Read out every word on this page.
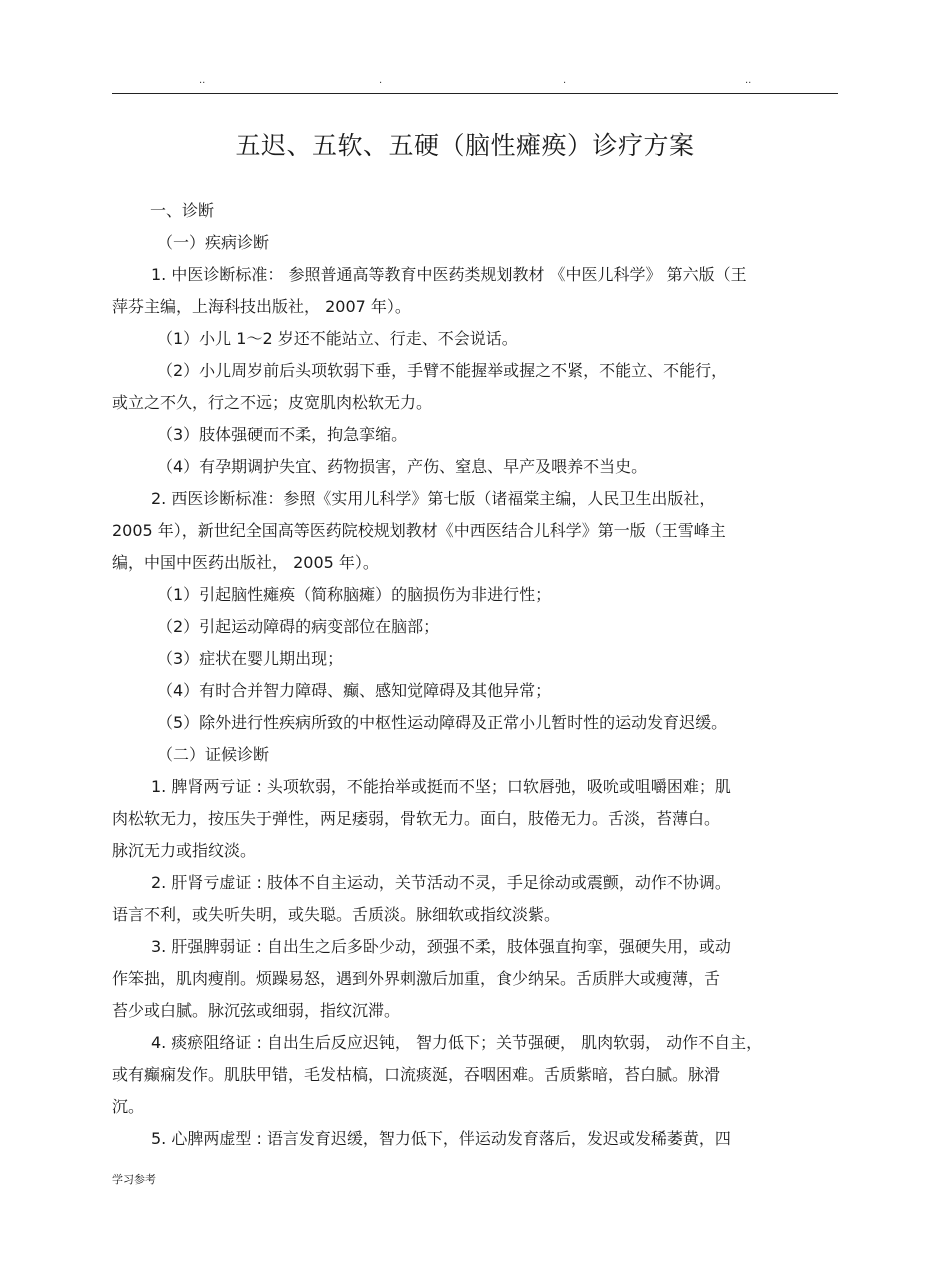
..	.	.	..
五迟、五软、五硬（脑性瘫痪）诊疗方案
一、诊断
（一）疾病诊断
1. 中医诊断标准： 参照普通高等教育中医药类规划教材 《中医儿科学》 第六版（王
萍芬主编，上海科技出版社， 2007 年）。
（1）小儿 1～2 岁还不能站立、行走、不会说话。
（2）小儿周岁前后头项软弱下垂，手臂不能握举或握之不紧，不能立、不能行，
或立之不久，行之不远；皮宽肌肉松软无力。
（3）肢体强硬而不柔，拘急挛缩。
（4）有孕期调护失宜、药物损害，产伤、窒息、早产及喂养不当史。
2. 西医诊断标准：参照《实用儿科学》第七版（诸福棠主编，人民卫生出版社，
2005 年），新世纪全国高等医药院校规划教材《中西医结合儿科学》第一版（王雪峰主
编，中国中医药出版社， 2005 年）。
（1）引起脑性瘫痪（简称脑瘫）的脑损伤为非进行性；
（2）引起运动障碍的病变部位在脑部；
（3）症状在婴儿期出现；
（4）有时合并智力障碍、癫、感知觉障碍及其他异常；
（5）除外进行性疾病所致的中枢性运动障碍及正常小儿暂时性的运动发育迟缓。
（二）证候诊断
1. 脾肾两亏证 : 头项软弱，不能抬举或挺而不坚；口软唇弛，吸吮或咀嚼困难；肌
肉松软无力，按压失于弹性，两足痿弱，骨软无力。面白，肢倦无力。舌淡，苔薄白。
脉沉无力或指纹淡。
2. 肝肾亏虚证 : 肢体不自主运动，关节活动不灵，手足徐动或震颤，动作不协调。
语言不利，或失听失明，或失聪。舌质淡。脉细软或指纹淡紫。
3. 肝强脾弱证 : 自出生之后多卧少动，颈强不柔，肢体强直拘挛，强硬失用，或动
作笨拙，肌肉瘦削。烦躁易怒，遇到外界刺激后加重，食少纳呆。舌质胖大或瘦薄，舌
苔少或白腻。脉沉弦或细弱，指纹沉滞。
4. 痰瘀阻络证 : 自出生后反应迟钝， 智力低下；关节强硬， 肌肉软弱， 动作不自主，
或有癫痫发作。肌肤甲错，毛发枯槁，口流痰涎，吞咽困难。舌质紫暗，苔白腻。脉滑
沉。
5. 心脾两虚型 : 语言发育迟缓，智力低下，伴运动发育落后，发迟或发稀萎黄，四
学习参考
